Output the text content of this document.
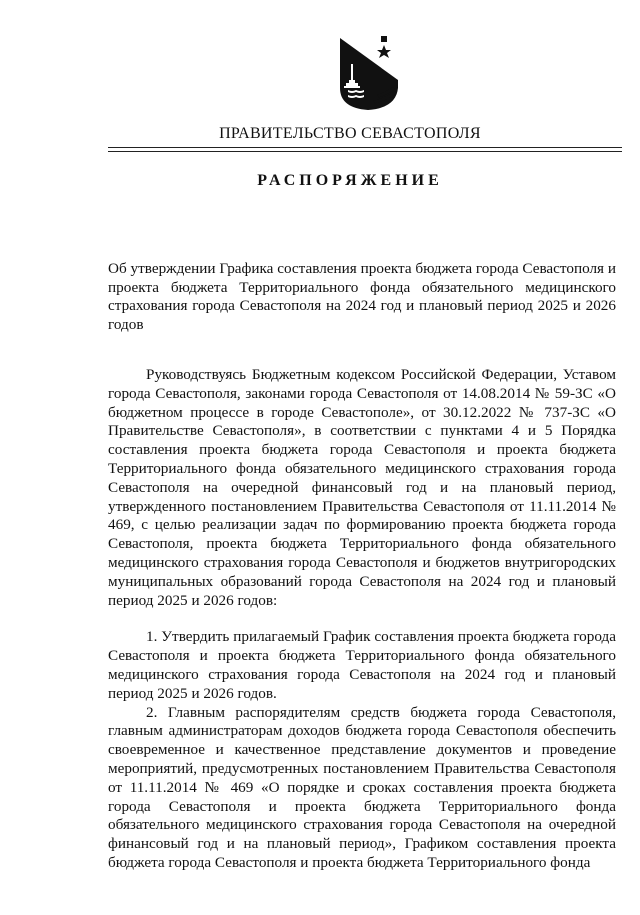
ПРАВИТЕЛЬСТВО СЕВАСТОПОЛЯ
РАСПОРЯЖЕНИЕ
Об утверждении Графика составления проекта бюджета города Севастополя и проекта бюджета Территориального фонда обязательного медицинского страхования города Севастополя на 2024 год и плановый период 2025 и 2026 годов

Руководствуясь Бюджетным кодексом Российской Федерации, Уставом города Севастополя, законами города Севастополя от 14.08.2014 № 59-ЗС «О бюджетном процессе в городе Севастополе», от 30.12.2022 № 737-ЗС «О Правительстве Севастополя», в соответствии с пунктами 4 и 5 Порядка составления проекта бюджета города Севастополя и проекта бюджета Территориального фонда обязательного медицинского страхования города Севастополя на очередной финансовый год и на плановый период, утвержденного постановлением Правительства Севастополя от 11.11.2014 № 469, с целью реализации задач по формированию проекта бюджета города Севастополя, проекта бюджета Территориального фонда обязательного медицинского страхования города Севастополя и бюджетов внутригородских муниципальных образований города Севастополя на 2024 год и плановый период 2025 и 2026 годов:

1. Утвердить прилагаемый График составления проекта бюджета города Севастополя и проекта бюджета Территориального фонда обязательного медицинского страхования города Севастополя на 2024 год и плановый период 2025 и 2026 годов.

2. Главным распорядителям средств бюджета города Севастополя, главным администраторам доходов бюджета города Севастополя обеспечить своевременное и качественное представление документов и проведение мероприятий, предусмотренных постановлением Правительства Севастополя от 11.11.2014 № 469 «О порядке и сроках составления проекта бюджета города Севастополя и проекта бюджета Территориального фонда обязательного медицинского страхования города Севастополя на очередной финансовый год и на плановый период», Графиком составления проекта бюджета города Севастополя и проекта бюджета Территориального фонда
